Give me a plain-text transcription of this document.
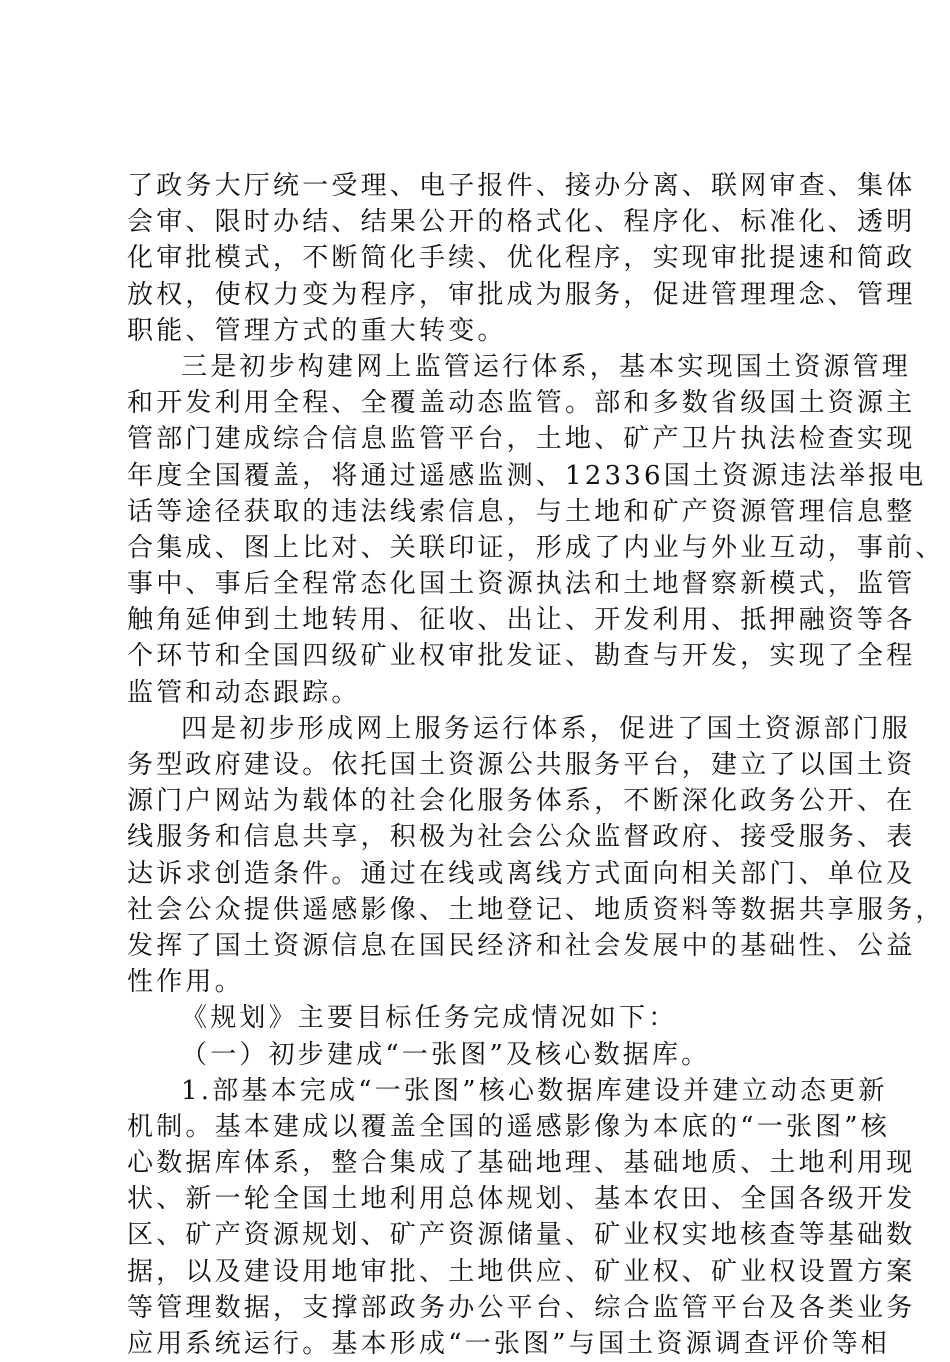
了政务大厅统一受理、电子报件、接办分离、联网审查、集体
会审、限时办结、结果公开的格式化、程序化、标准化、透明
化审批模式，不断简化手续、优化程序，实现审批提速和简政
放权，使权力变为程序，审批成为服务，促进管理理念、管理
职能、管理方式的重大转变。
三是初步构建网上监管运行体系，基本实现国土资源管理
和开发利用全程、全覆盖动态监管。部和多数省级国土资源主
管部门建成综合信息监管平台，土地、矿产卫片执法检查实现
年度全国覆盖，将通过遥感监测、12336国土资源违法举报电
话等途径获取的违法线索信息，与土地和矿产资源管理信息整
合集成、图上比对、关联印证，形成了内业与外业互动，事前、
事中、事后全程常态化国土资源执法和土地督察新模式，监管
触角延伸到土地转用、征收、出让、开发利用、抵押融资等各
个环节和全国四级矿业权审批发证、勘查与开发，实现了全程
监管和动态跟踪。
四是初步形成网上服务运行体系，促进了国土资源部门服
务型政府建设。依托国土资源公共服务平台，建立了以国土资
源门户网站为载体的社会化服务体系，不断深化政务公开、在
线服务和信息共享，积极为社会公众监督政府、接受服务、表
达诉求创造条件。通过在线或离线方式面向相关部门、单位及
社会公众提供遥感影像、土地登记、地质资料等数据共享服务，
发挥了国土资源信息在国民经济和社会发展中的基础性、公益
性作用。
《规划》主要目标任务完成情况如下：
（一）初步建成“一张图”及核心数据库。
1.部基本完成“一张图”核心数据库建设并建立动态更新
机制。基本建成以覆盖全国的遥感影像为本底的“一张图”核
心数据库体系，整合集成了基础地理、基础地质、土地利用现
状、新一轮全国土地利用总体规划、基本农田、全国各级开发
区、矿产资源规划、矿产资源储量、矿业权实地核查等基础数
据，以及建设用地审批、土地供应、矿业权、矿业权设置方案
等管理数据，支撑部政务办公平台、综合监管平台及各类业务
应用系统运行。基本形成“一张图”与国土资源调查评价等相
